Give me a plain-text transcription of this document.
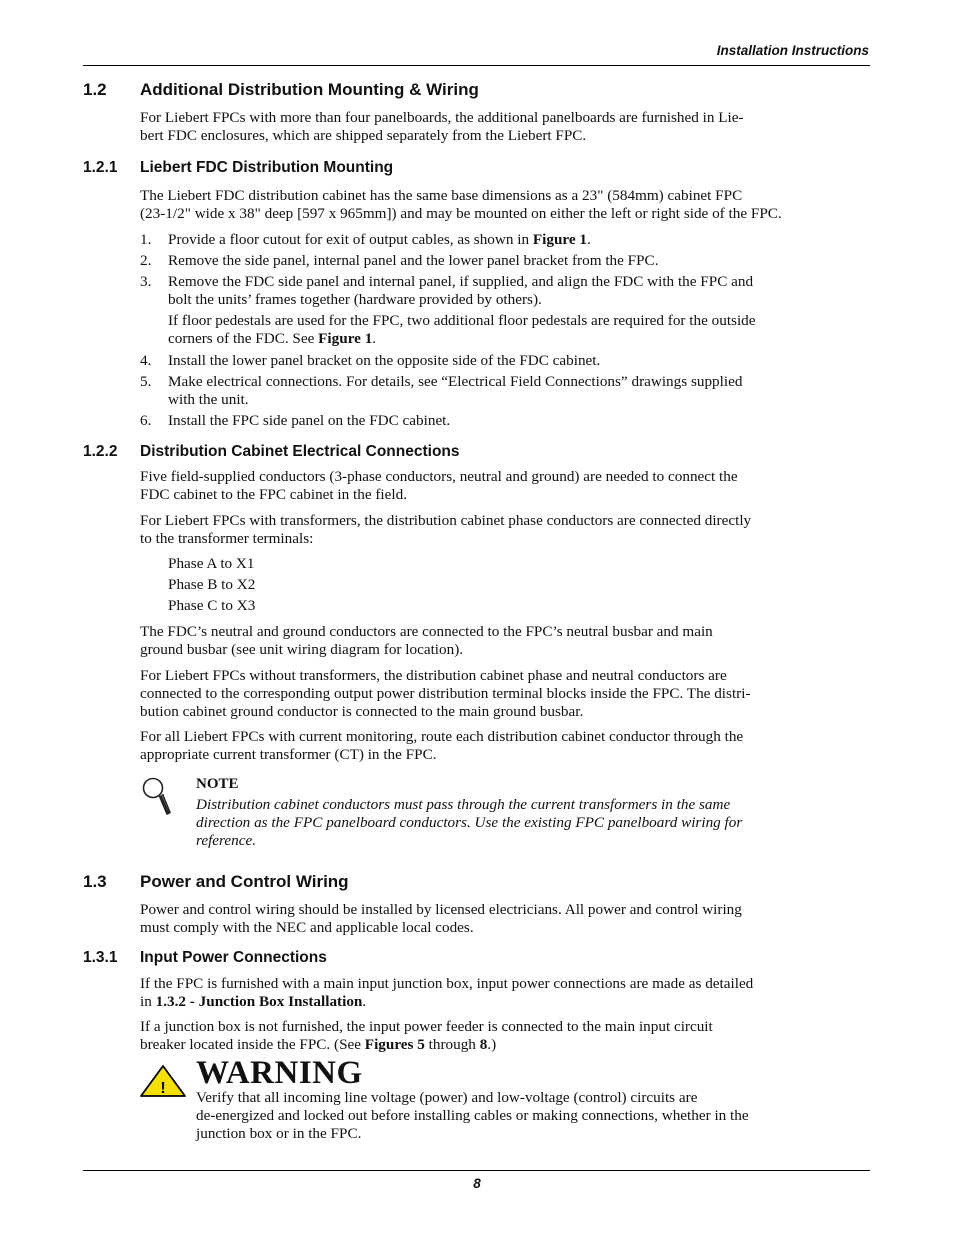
Installation Instructions
1.2 Additional Distribution Mounting & Wiring
For Liebert FPCs with more than four panelboards, the additional panelboards are furnished in Lie-
bert FDC enclosures, which are shipped separately from the Liebert FPC.
1.2.1 Liebert FDC Distribution Mounting
The Liebert FDC distribution cabinet has the same base dimensions as a 23" (584mm) cabinet FPC
(23-1/2" wide x 38" deep [597 x 965mm]) and may be mounted on either the left or right side of the FPC.
1. Provide a floor cutout for exit of output cables, as shown in Figure 1.
2. Remove the side panel, internal panel and the lower panel bracket from the FPC.
3. Remove the FDC side panel and internal panel, if supplied, and align the FDC with the FPC and
bolt the units’ frames together (hardware provided by others).
If floor pedestals are used for the FPC, two additional floor pedestals are required for the outside
corners of the FDC. See Figure 1.
4. Install the lower panel bracket on the opposite side of the FDC cabinet.
5. Make electrical connections. For details, see “Electrical Field Connections” drawings supplied
with the unit.
6. Install the FPC side panel on the FDC cabinet.
1.2.2 Distribution Cabinet Electrical Connections
Five field-supplied conductors (3-phase conductors, neutral and ground) are needed to connect the
FDC cabinet to the FPC cabinet in the field.
For Liebert FPCs with transformers, the distribution cabinet phase conductors are connected directly
to the transformer terminals:
Phase A to X1
Phase B to X2
Phase C to X3
The FDC’s neutral and ground conductors are connected to the FPC’s neutral busbar and main
ground busbar (see unit wiring diagram for location).
For Liebert FPCs without transformers, the distribution cabinet phase and neutral conductors are
connected to the corresponding output power distribution terminal blocks inside the FPC. The distri-
bution cabinet ground conductor is connected to the main ground busbar.
For all Liebert FPCs with current monitoring, route each distribution cabinet conductor through the
appropriate current transformer (CT) in the FPC.
NOTE
Distribution cabinet conductors must pass through the current transformers in the same
direction as the FPC panelboard conductors. Use the existing FPC panelboard wiring for
reference.
1.3 Power and Control Wiring
Power and control wiring should be installed by licensed electricians. All power and control wiring
must comply with the NEC and applicable local codes.
1.3.1 Input Power Connections
If the FPC is furnished with a main input junction box, input power connections are made as detailed
in 1.3.2 - Junction Box Installation.
If a junction box is not furnished, the input power feeder is connected to the main input circuit
breaker located inside the FPC. (See Figures 5 through 8.)
! WARNING
Verify that all incoming line voltage (power) and low-voltage (control) circuits are
de-energized and locked out before installing cables or making connections, whether in the
junction box or in the FPC.
8
